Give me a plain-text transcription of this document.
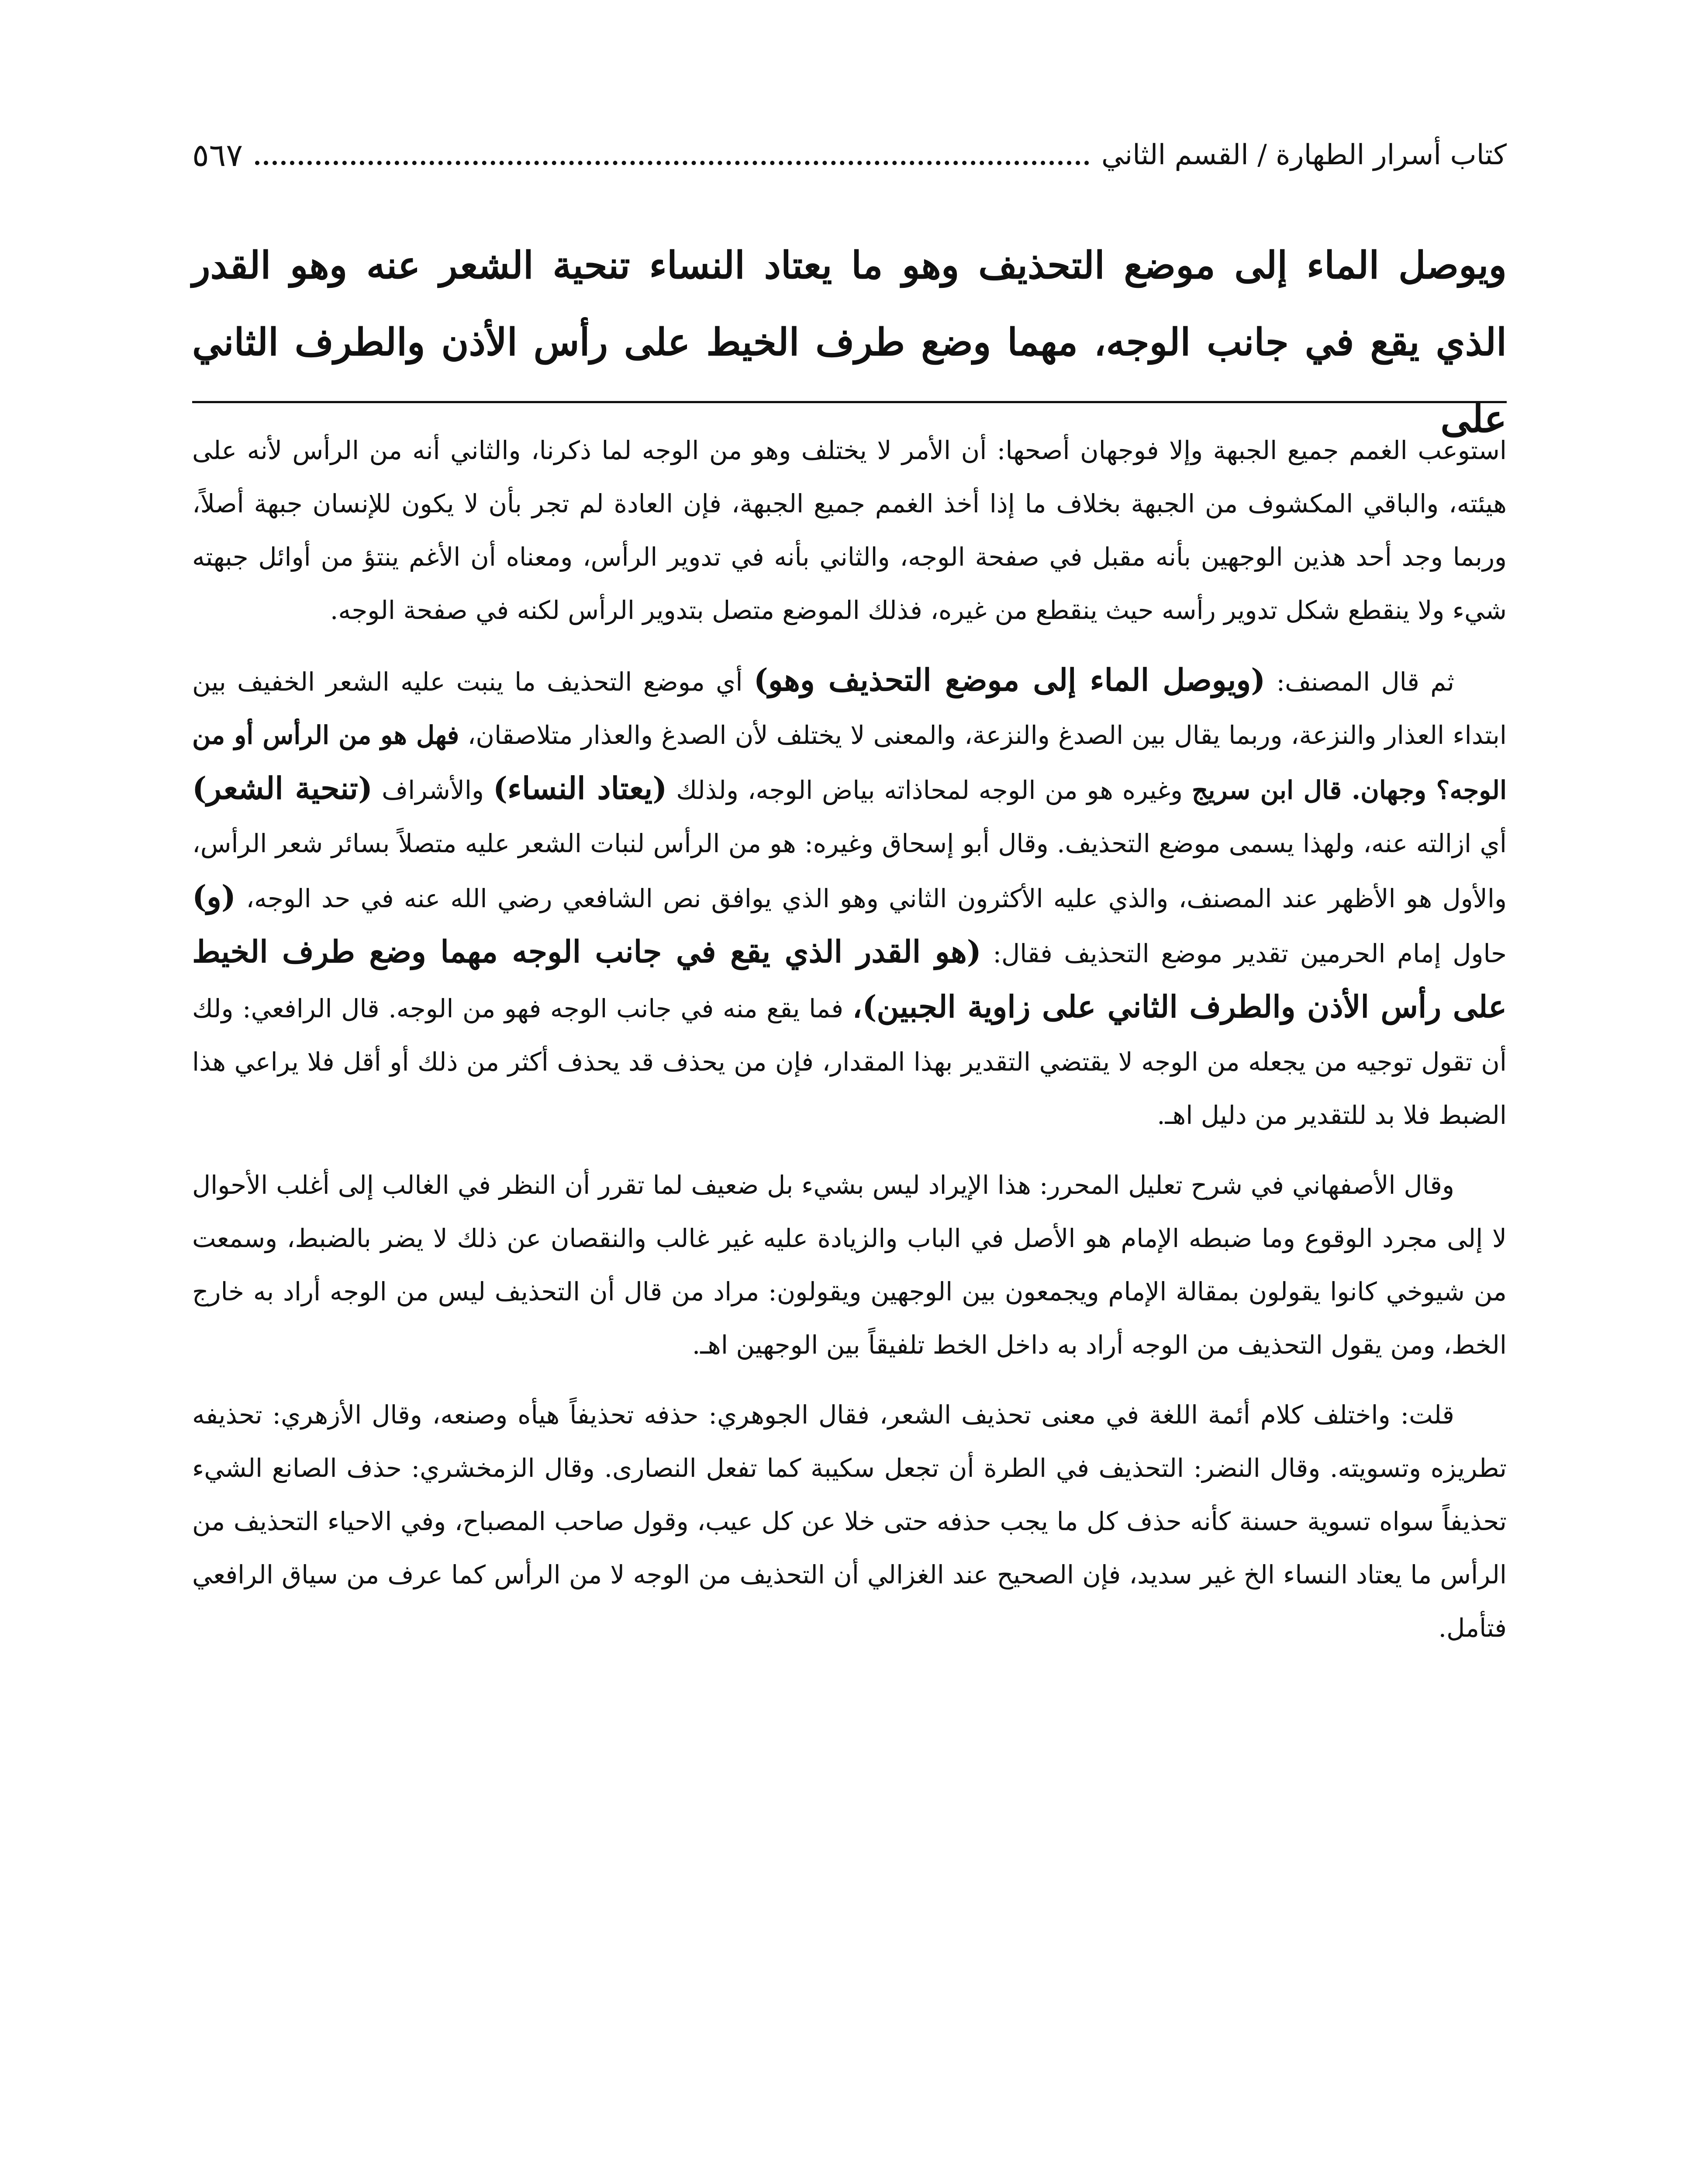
كتاب أسرار الطهارة / القسم الثاني
٥٦٧

ويوصل الماء إلى موضع التحذيف وهو ما يعتاد النساء تنحية الشعر عنه وهو القدر

الذي يقع في جانب الوجه، مهما وضع طرف الخيط على رأس الأذن والطرف الثاني على

استوعب الغمم جميع الجبهة وإلا فوجهان أصحها: أن الأمر لا يختلف وهو من الوجه لما ذكرنا، والثاني أنه من الرأس لأنه على هيئته، والباقي المكشوف من الجبهة بخلاف ما إذا أخذ الغمم جميع الجبهة، فإن العادة لم تجر بأن لا يكون للإنسان جبهة أصلاً، وربما وجد أحد هذين الوجهين بأنه مقبل في صفحة الوجه، والثاني بأنه في تدوير الرأس، ومعناه أن الأغم ينتؤ من أوائل جبهته شيء ولا ينقطع شكل تدوير رأسه حيث ينقطع من غيره، فذلك الموضع متصل بتدوير الرأس لكنه في صفحة الوجه.

ثم قال المصنف: (ويوصل الماء إلى موضع التحذيف وهو) أي موضع التحذيف ما ينبت عليه الشعر الخفيف بين ابتداء العذار والنزعة، وربما يقال بين الصدغ والنزعة، والمعنى لا يختلف لأن الصدغ والعذار متلاصقان، فهل هو من الرأس أو من الوجه؟ وجهان. قال ابن سريج وغيره هو من الوجه لمحاذاته بياض الوجه، ولذلك (يعتاد النساء) والأشراف (تنحية الشعر) أي ازالته عنه، ولهذا يسمى موضع التحذيف. وقال أبو إسحاق وغيره: هو من الرأس لنبات الشعر عليه متصلاً بسائر شعر الرأس، والأول هو الأظهر عند المصنف، والذي عليه الأكثرون الثاني وهو الذي يوافق نص الشافعي رضي الله عنه في حد الوجه، (و) حاول إمام الحرمين تقدير موضع التحذيف فقال: (هو القدر الذي يقع في جانب الوجه مهما وضع طرف الخيط على رأس الأذن والطرف الثاني على زاوية الجبين)، فما يقع منه في جانب الوجه فهو من الوجه. قال الرافعي: ولك أن تقول توجيه من يجعله من الوجه لا يقتضي التقدير بهذا المقدار، فإن من يحذف قد يحذف أكثر من ذلك أو أقل فلا يراعي هذا الضبط فلا بد للتقدير من دليل اهـ.

وقال الأصفهاني في شرح تعليل المحرر: هذا الإيراد ليس بشيء بل ضعيف لما تقرر أن النظر في الغالب إلى أغلب الأحوال لا إلى مجرد الوقوع وما ضبطه الإمام هو الأصل في الباب والزيادة عليه غير غالب والنقصان عن ذلك لا يضر بالضبط، وسمعت من شيوخي كانوا يقولون بمقالة الإمام ويجمعون بين الوجهين ويقولون: مراد من قال أن التحذيف ليس من الوجه أراد به خارج الخط، ومن يقول التحذيف من الوجه أراد به داخل الخط تلفيقاً بين الوجهين اهـ.

قلت: واختلف كلام أئمة اللغة في معنى تحذيف الشعر، فقال الجوهري: حذفه تحذيفاً هيأه وصنعه، وقال الأزهري: تحذيفه تطريزه وتسويته. وقال النضر: التحذيف في الطرة أن تجعل سكيبة كما تفعل النصارى. وقال الزمخشري: حذف الصانع الشيء تحذيفاً سواه تسوية حسنة كأنه حذف كل ما يجب حذفه حتى خلا عن كل عيب، وقول صاحب المصباح، وفي الاحياء التحذيف من الرأس ما يعتاد النساء الخ غير سديد، فإن الصحيح عند الغزالي أن التحذيف من الوجه لا من الرأس كما عرف من سياق الرافعي فتأمل.
